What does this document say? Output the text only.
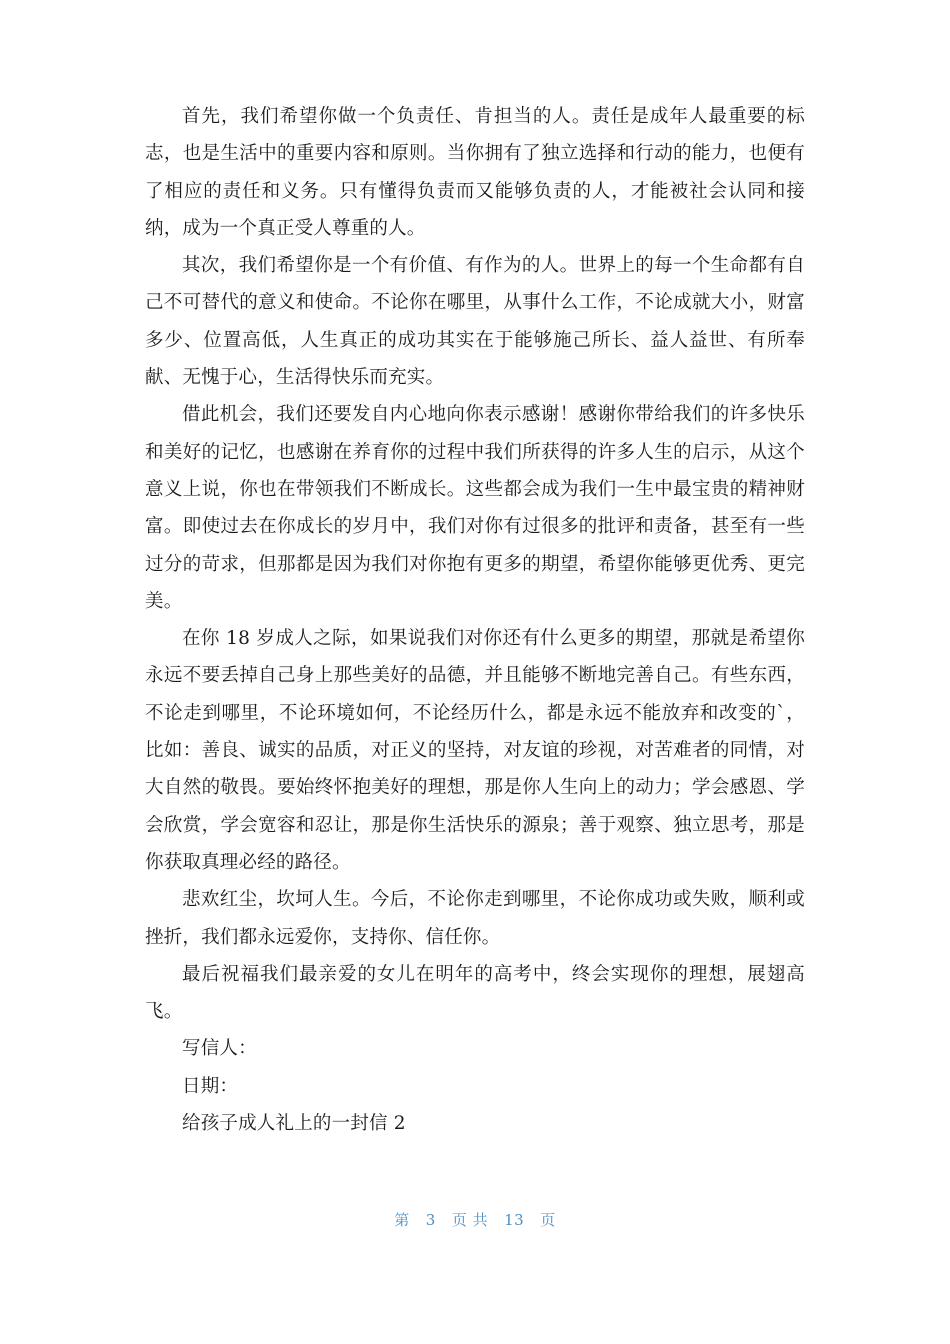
首先，我们希望你做一个负责任、肯担当的人。责任是成年人最重要的标志，也是生活中的重要内容和原则。当你拥有了独立选择和行动的能力，也便有了相应的责任和义务。只有懂得负责而又能够负责的人，才能被社会认同和接纳，成为一个真正受人尊重的人。

其次，我们希望你是一个有价值、有作为的人。世界上的每一个生命都有自己不可替代的意义和使命。不论你在哪里，从事什么工作，不论成就大小，财富多少、位置高低，人生真正的成功其实在于能够施己所长、益人益世、有所奉献、无愧于心，生活得快乐而充实。

借此机会，我们还要发自内心地向你表示感谢！感谢你带给我们的许多快乐和美好的记忆，也感谢在养育你的过程中我们所获得的许多人生的启示，从这个意义上说，你也在带领我们不断成长。这些都会成为我们一生中最宝贵的精神财富。即使过去在你成长的岁月中，我们对你有过很多的批评和责备，甚至有一些过分的苛求，但那都是因为我们对你抱有更多的期望，希望你能够更优秀、更完美。

在你 18 岁成人之际，如果说我们对你还有什么更多的期望，那就是希望你永远不要丢掉自己身上那些美好的品德，并且能够不断地完善自己。有些东西，不论走到哪里，不论环境如何，不论经历什么，都是永远不能放弃和改变的`，比如：善良、诚实的品质，对正义的坚持，对友谊的珍视，对苦难者的同情，对大自然的敬畏。要始终怀抱美好的理想，那是你人生向上的动力；学会感恩、学会欣赏，学会宽容和忍让，那是你生活快乐的源泉；善于观察、独立思考，那是你获取真理必经的路径。

悲欢红尘，坎坷人生。今后，不论你走到哪里，不论你成功或失败，顺利或挫折，我们都永远爱你，支持你、信任你。

最后祝福我们最亲爱的女儿在明年的高考中，终会实现你的理想，展翅高飞。

写信人：

日期：

给孩子成人礼上的一封信 2

第 3 页 共 13 页
